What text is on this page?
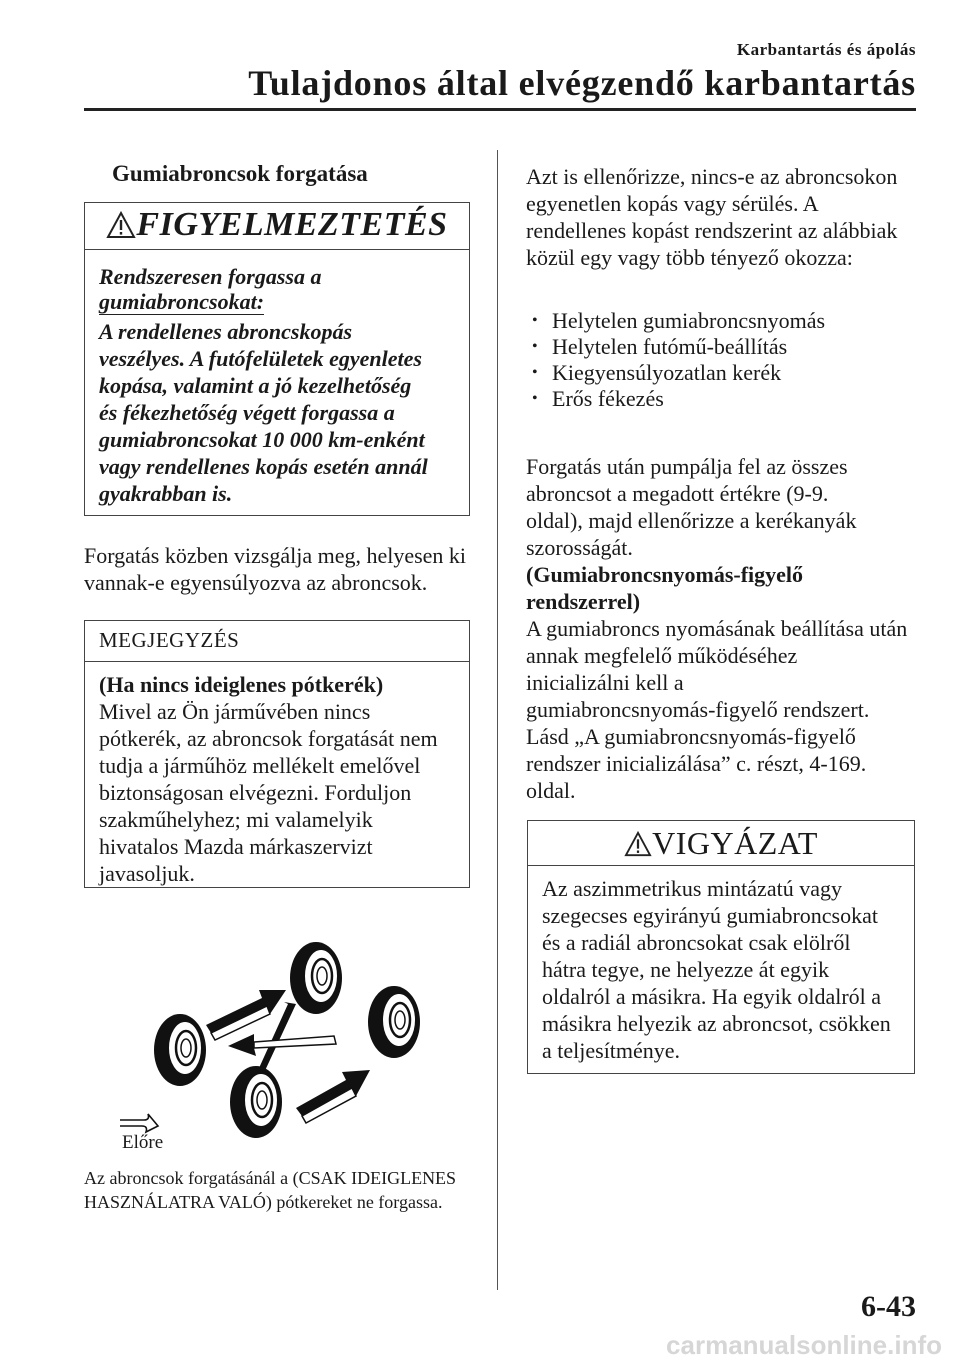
Karbantartás és ápolás
Tulajdonos által elvégzendő karbantartás
Gumiabroncsok forgatása
FIGYELMEZTETÉS
Rendszeresen forgassa a
gumiabroncsokat:
A rendellenes abroncskopás
veszélyes. A futófelületek egyenletes
kopása, valamint a jó kezelhetőség
és fékezhetőség végett forgassa a
gumiabroncsokat 10 000 km-enként
vagy rendellenes kopás esetén annál
gyakrabban is.
Forgatás közben vizsgálja meg, helyesen ki
vannak-e egyensúlyozva az abroncsok.
MEGJEGYZÉS
(Ha nincs ideiglenes pótkerék)
Mivel az Ön járművében nincs
pótkerék, az abroncsok forgatását nem
tudja a járműhöz mellékelt emelővel
biztonságosan elvégezni. Forduljon
szakműhelyhez; mi valamelyik
hivatalos Mazda márkaszervizt
javasoljuk.
Előre
Az abroncsok forgatásánál a (CSAK IDEIGLENES
HASZNÁLATRA VALÓ) pótkereket ne forgassa.
Azt is ellenőrizze, nincs-e az abroncsokon
egyenetlen kopás vagy sérülés. A
rendellenes kopást rendszerint az alábbiak
közül egy vagy több tényező okozza:
• Helytelen gumiabroncsnyomás
• Helytelen futómű-beállítás
• Kiegyensúlyozatlan kerék
• Erős fékezés
Forgatás után pumpálja fel az összes
abroncsot a megadott értékre (9-9.
oldal), majd ellenőrizze a kerékanyák
szorosságát.
(Gumiabroncsnyomás-figyelő
rendszerrel)
A gumiabroncs nyomásának beállítása után
annak megfelelő működéséhez
inicializálni kell a
gumiabroncsnyomás-figyelő rendszert.
Lásd „A gumiabroncsnyomás-figyelő
rendszer inicializálása” c. részt, 4-169.
oldal.
VIGYÁZAT
Az aszimmetrikus mintázatú vagy
szegecses egyirányú gumiabroncsokat
és a radiál abroncsokat csak elölről
hátra tegye, ne helyezze át egyik
oldalról a másikra. Ha egyik oldalról a
másikra helyezik az abroncsot, csökken
a teljesítménye.
6-43
carmanualsonline.info
